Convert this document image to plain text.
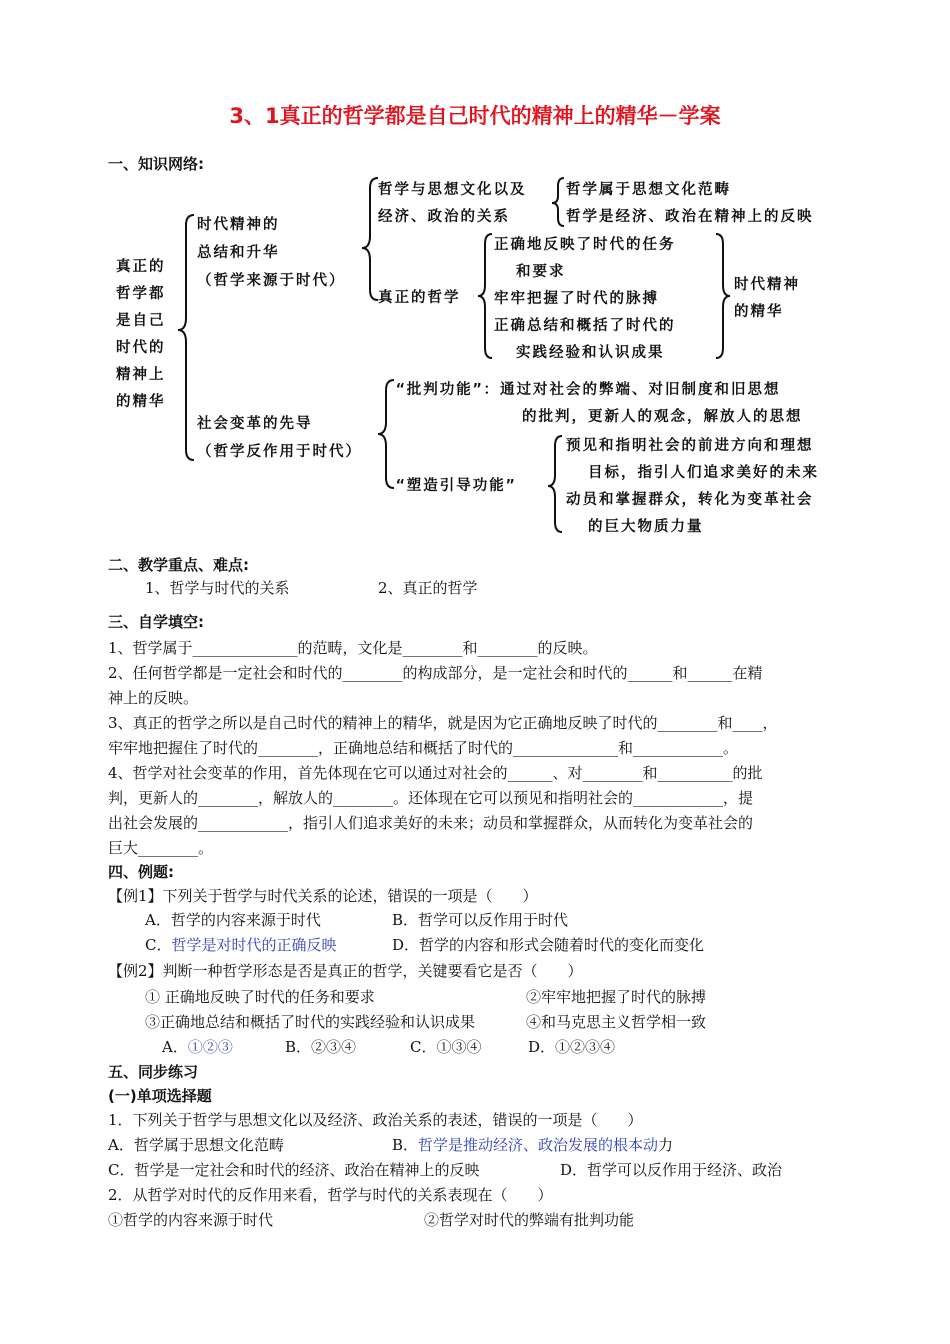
3、1真正的哲学都是自己时代的精神上的精华－学案
一、知识网络:
真正的
哲学都
是自己
时代的
精神上
的精华
时代精神的
总结和升华
（哲学来源于时代）
哲学与思想文化以及
经济、政治的关系
哲学属于思想文化范畴
哲学是经济、政治在精神上的反映
真正的哲学
正确地反映了时代的任务
和要求
牢牢把握了时代的脉搏
正确总结和概括了时代的
实践经验和认识成果
时代精神
的精华
社会变革的先导
（哲学反作用于时代）
“批判功能”：通过对社会的弊端、对旧制度和旧思想
的批判，更新人的观念，解放人的思想
“塑造引导功能”
预见和指明社会的前进方向和理想
目标，指引人们追求美好的未来
动员和掌握群众，转化为变革社会
的巨大物质力量
二、教学重点、难点:
1、哲学与时代的关系	2、真正的哲学
三、自学填空:
1、哲学属于______________的范畴，文化是________和________的反映。
2、任何哲学都是一定社会和时代的________的构成部分，是一定社会和时代的______和______在精
神上的反映。
3、真正的哲学之所以是自己时代的精神上的精华，就是因为它正确地反映了时代的________和____，
牢牢地把握住了时代的________，正确地总结和概括了时代的______________和____________。
4、哲学对社会变革的作用，首先体现在它可以通过对社会的______、对________和__________的批
判，更新人的________，解放人的________。还体现在它可以预见和指明社会的____________，提
出社会发展的____________，指引人们追求美好的未来；动员和掌握群众，从而转化为变革社会的
巨大________。
四、例题:
【例1】下列关于哲学与时代关系的论述，错误的一项是（　　）
A．哲学的内容来源于时代	B．哲学可以反作用于时代
C．哲学是对时代的正确反映	D．哲学的内容和形式会随着时代的变化而变化
【例2】判断一种哲学形态是否是真正的哲学，关键要看它是否（　　）
① 正确地反映了时代的任务和要求	②牢牢地把握了时代的脉搏
③正确地总结和概括了时代的实践经验和认识成果	④和马克思主义哲学相一致
A．①②③	B．②③④	C．①③④	D．①②③④
五、同步练习
(一)单项选择题
1．下列关于哲学与思想文化以及经济、政治关系的表述，错误的一项是（　　）
A．哲学属于思想文化范畴	B．哲学是推动经济、政治发展的根本动力
C．哲学是一定社会和时代的经济、政治在精神上的反映	D．哲学可以反作用于经济、政治
2．从哲学对时代的反作用来看，哲学与时代的关系表现在（　　）
①哲学的内容来源于时代	②哲学对时代的弊端有批判功能
